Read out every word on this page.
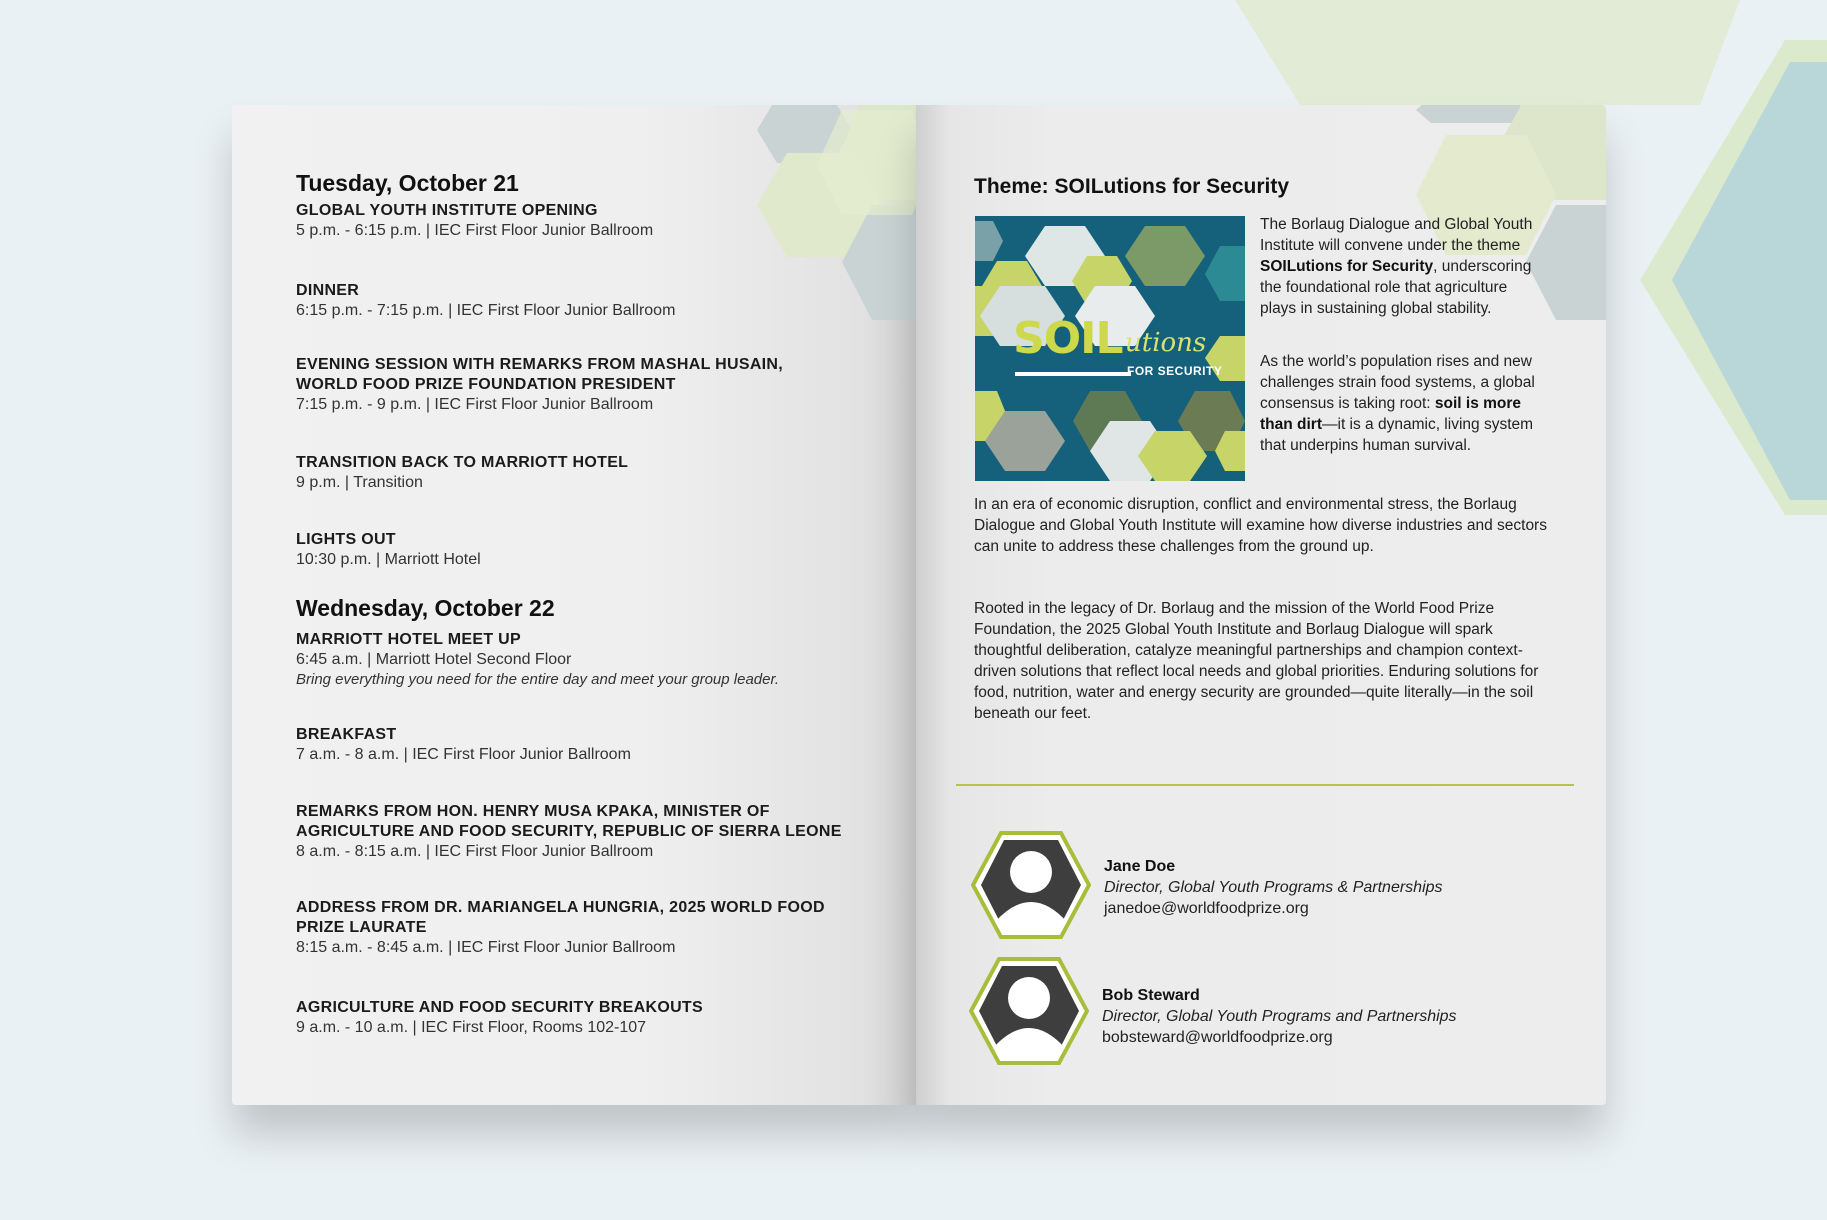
Tuesday, October 21
GLOBAL YOUTH INSTITUTE OPENING
5 p.m. - 6:15 p.m. | IEC First Floor Junior Ballroom
DINNER
6:15 p.m. - 7:15 p.m. | IEC First Floor Junior Ballroom
EVENING SESSION WITH REMARKS FROM MASHAL HUSAIN,
WORLD FOOD PRIZE FOUNDATION PRESIDENT
7:15 p.m. - 9 p.m. | IEC First Floor Junior Ballroom
TRANSITION BACK TO MARRIOTT HOTEL
9 p.m. | Transition
LIGHTS OUT
10:30 p.m. | Marriott Hotel
Wednesday, October 22
MARRIOTT HOTEL MEET UP
6:45 a.m. | Marriott Hotel Second Floor
Bring everything you need for the entire day and meet your group leader.
BREAKFAST
7 a.m. - 8 a.m. | IEC First Floor Junior Ballroom
REMARKS FROM HON. HENRY MUSA KPAKA, MINISTER OF
AGRICULTURE AND FOOD SECURITY, REPUBLIC OF SIERRA LEONE
8 a.m. - 8:15 a.m. | IEC First Floor Junior Ballroom
ADDRESS FROM DR. MARIANGELA HUNGRIA, 2025 WORLD FOOD
PRIZE LAURATE
8:15 a.m. - 8:45 a.m. | IEC First Floor Junior Ballroom
AGRICULTURE AND FOOD SECURITY BREAKOUTS
9 a.m. - 10 a.m. | IEC First Floor, Rooms 102-107
Theme: SOILutions for Security
SOIL utions
FOR SECURITY
The Borlaug Dialogue and Global Youth Institute will convene under the theme SOILutions for Security, underscoring the foundational role that agriculture plays in sustaining global stability.
As the world’s population rises and new challenges strain food systems, a global consensus is taking root: soil is more than dirt—it is a dynamic, living system that underpins human survival.
In an era of economic disruption, conflict and environmental stress, the Borlaug Dialogue and Global Youth Institute will examine how diverse industries and sectors can unite to address these challenges from the ground up.
Rooted in the legacy of Dr. Borlaug and the mission of the World Food Prize Foundation, the 2025 Global Youth Institute and Borlaug Dialogue will spark thoughtful deliberation, catalyze meaningful partnerships and champion context-driven solutions that reflect local needs and global priorities. Enduring solutions for food, nutrition, water and energy security are grounded—quite literally—in the soil beneath our feet.
Jane Doe
Director, Global Youth Programs & Partnerships
janedoe@worldfoodprize.org
Bob Steward
Director, Global Youth Programs and Partnerships
bobsteward@worldfoodprize.org
